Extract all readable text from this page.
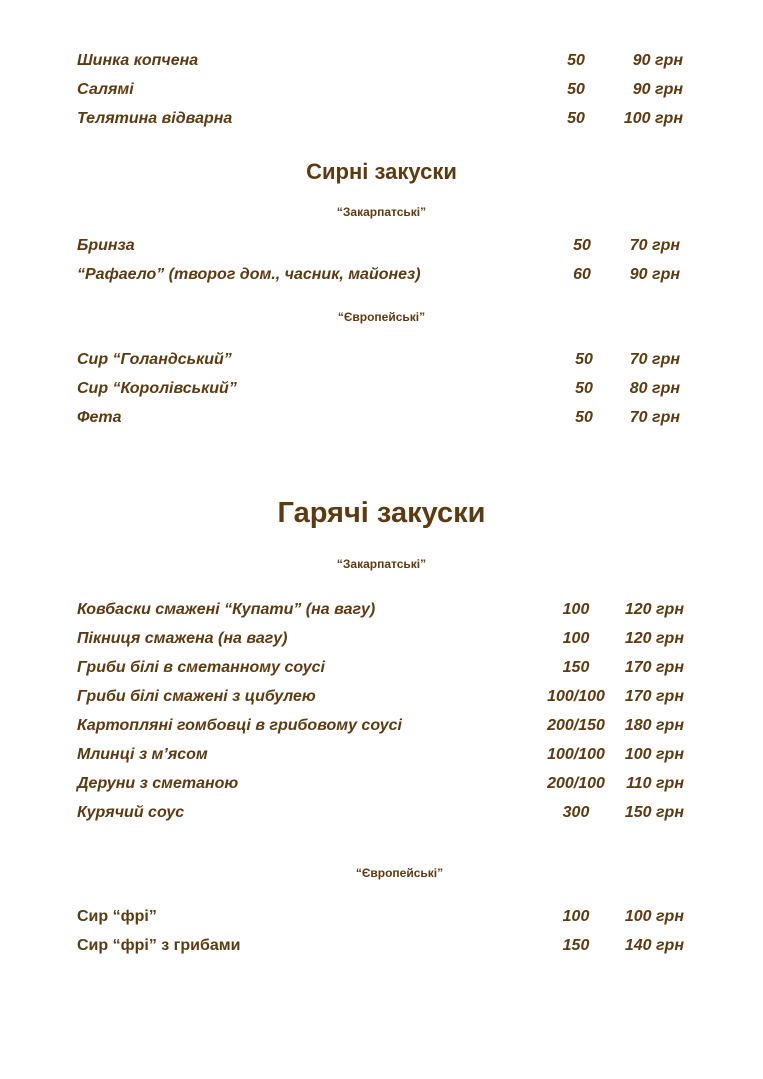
Шинка копчена	50	90 грн
Салямі	50	90 грн
Телятина відварна	50	100 грн
Сирні закуски
“Закарпатські”
Бринза	50	70 грн
“Рафаело” (творог дом., часник, майонез)	60	90 грн
“Європейські”
Сир “Голандський”	50	70 грн
Сир “Королівський”	50	80 грн
Фета	50	70 грн
Гарячі закуски
“Закарпатські”
Ковбаски смажені “Купати” (на вагу)	100	120 грн
Пікниця смажена (на вагу)	100	120 грн
Гриби білі в сметанному соусі	150	170 грн
Гриби білі смажені з цибулею	100/100	170 грн
Картопляні гомбовці в грибовому соусі	200/150	180 грн
Млинці з м’ясом	100/100	100 грн
Деруни з сметаною	200/100	110 грн
Курячий соус	300	150 грн
“Європейські”
Сир “фрі”	100	100 грн
Сир “фрі” з грибами	150	140 грн
